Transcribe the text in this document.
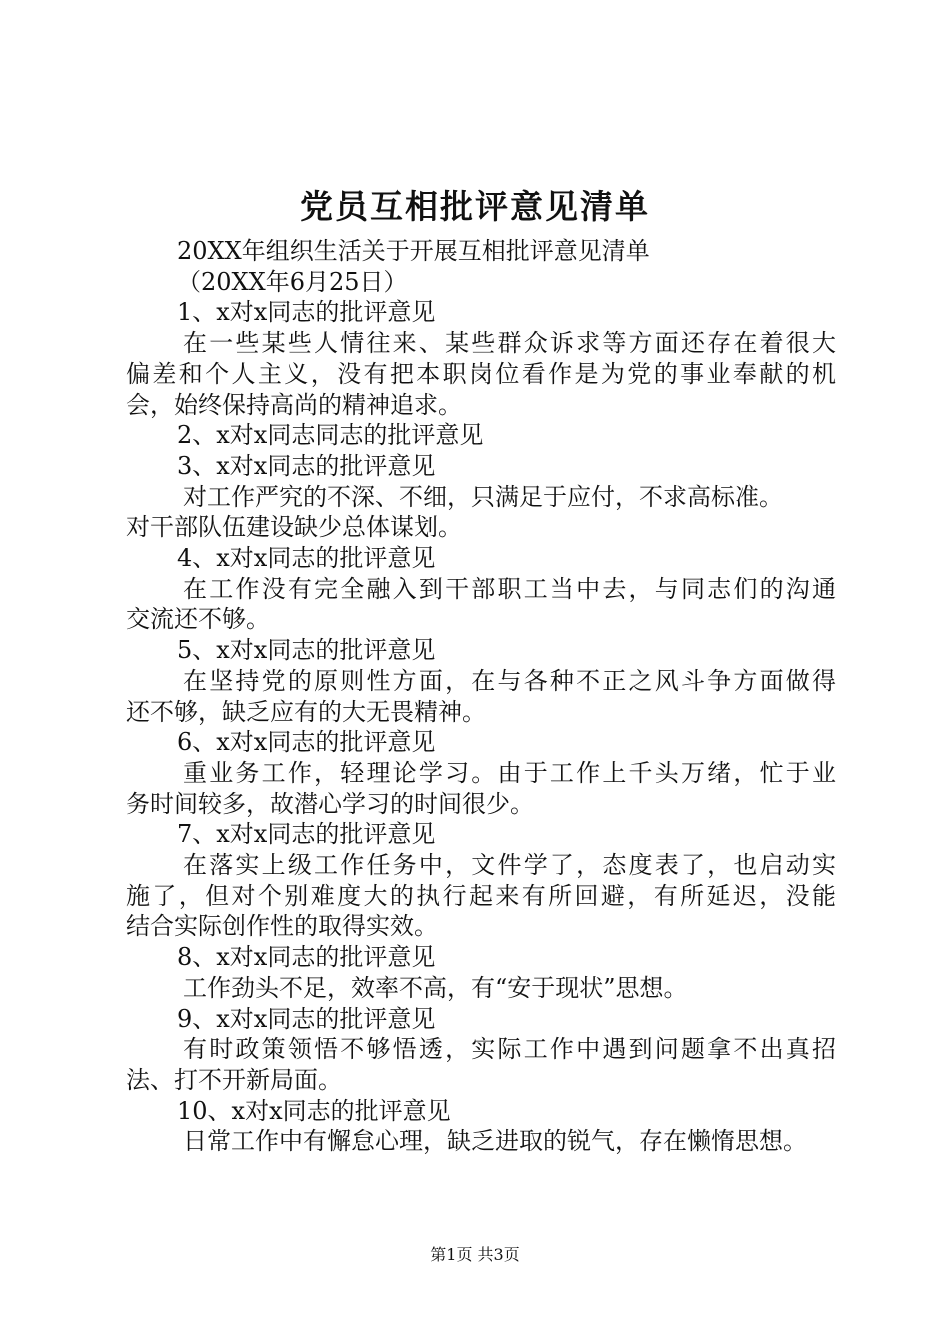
党员互相批评意见清单

20XX年组织生活关于开展互相批评意见清单

（20XX年6月25日）

1、x对x同志的批评意见

在一些某些人情往来、某些群众诉求等方面还存在着很大

偏差和个人主义，没有把本职岗位看作是为党的事业奉献的机

会，始终保持高尚的精神追求。

2、x对x同志同志的批评意见

3、x对x同志的批评意见

对工作严究的不深、不细，只满足于应付，不求高标准。

对干部队伍建设缺少总体谋划。

4、x对x同志的批评意见

在工作没有完全融入到干部职工当中去，与同志们的沟通

交流还不够。

5、x对x同志的批评意见

在坚持党的原则性方面，在与各种不正之风斗争方面做得

还不够，缺乏应有的大无畏精神。

6、x对x同志的批评意见

重业务工作，轻理论学习。由于工作上千头万绪，忙于业

务时间较多，故潜心学习的时间很少。

7、x对x同志的批评意见

在落实上级工作任务中，文件学了，态度表了，也启动实

施了，但对个别难度大的执行起来有所回避，有所延迟，没能

结合实际创作性的取得实效。

8、x对x同志的批评意见

工作劲头不足，效率不高，有“安于现状”思想。

9、x对x同志的批评意见

有时政策领悟不够悟透，实际工作中遇到问题拿不出真招

法、打不开新局面。

10、x对x同志的批评意见

日常工作中有懈怠心理，缺乏进取的锐气，存在懒惰思想。

第1页 共3页
